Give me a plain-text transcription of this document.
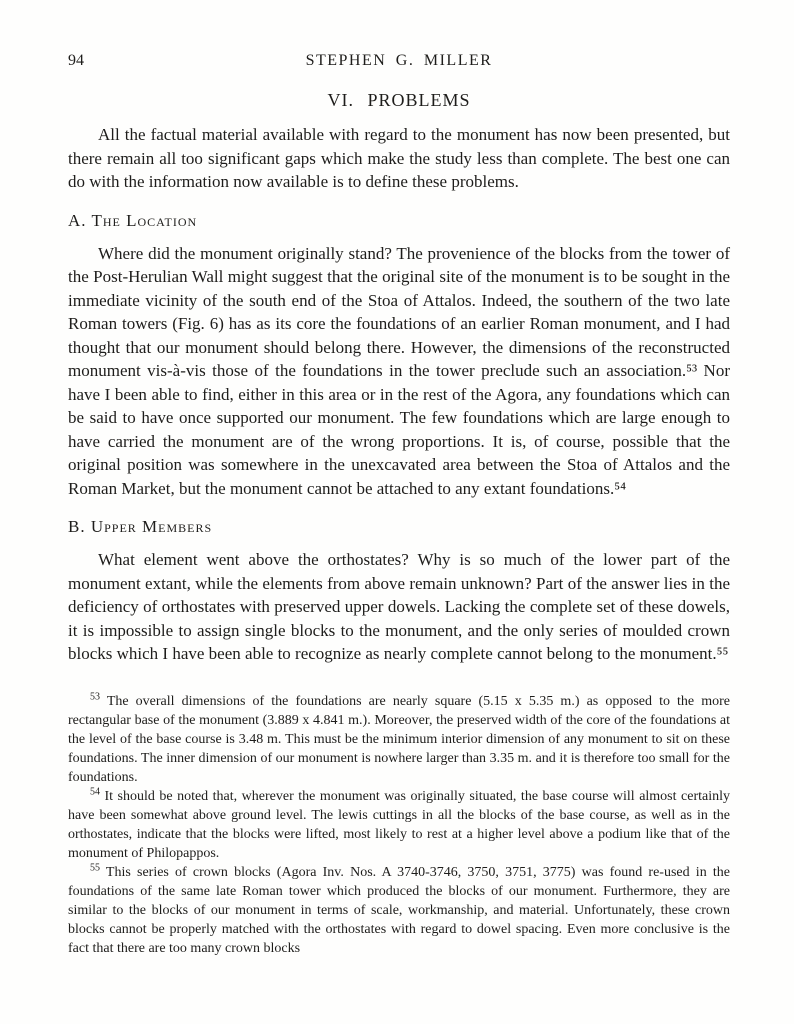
94	STEPHEN G. MILLER
VI. PROBLEMS

All the factual material available with regard to the monument has now been presented, but there remain all too significant gaps which make the study less than complete. The best one can do with the information now available is to define these problems.

A. The Location

Where did the monument originally stand? The provenience of the blocks from the tower of the Post-Herulian Wall might suggest that the original site of the monument is to be sought in the immediate vicinity of the south end of the Stoa of Attalos. Indeed, the southern of the two late Roman towers (Fig. 6) has as its core the foundations of an earlier Roman monument, and I had thought that our monument should belong there. However, the dimensions of the reconstructed monument vis-à-vis those of the foundations in the tower preclude such an association.⁵³ Nor have I been able to find, either in this area or in the rest of the Agora, any foundations which can be said to have once supported our monument. The few foundations which are large enough to have carried the monument are of the wrong proportions. It is, of course, possible that the original position was somewhere in the unexcavated area between the Stoa of Attalos and the Roman Market, but the monument cannot be attached to any extant foundations.⁵⁴

B. Upper Members

What element went above the orthostates? Why is so much of the lower part of the monument extant, while the elements from above remain unknown? Part of the answer lies in the deficiency of orthostates with preserved upper dowels. Lacking the complete set of these dowels, it is impossible to assign single blocks to the monument, and the only series of moulded crown blocks which I have been able to recognize as nearly complete cannot belong to the monument.⁵⁵

$^{53}$ The overall dimensions of the foundations are nearly square (5.15 x 5.35 m.) as opposed to the more rectangular base of the monument (3.889 x 4.841 m.). Moreover, the preserved width of the core of the foundations at the level of the base course is 3.48 m. This must be the minimum interior dimension of any monument to sit on these foundations. The inner dimension of our monument is nowhere larger than 3.35 m. and it is therefore too small for the foundations.

$^{54}$ It should be noted that, wherever the monument was originally situated, the base course will almost certainly have been somewhat above ground level. The lewis cuttings in all the blocks of the base course, as well as in the orthostates, indicate that the blocks were lifted, most likely to rest at a higher level above a podium like that of the monument of Philopappos.

$^{55}$ This series of crown blocks (Agora Inv. Nos. A 3740-3746, 3750, 3751, 3775) was found re-used in the foundations of the same late Roman tower which produced the blocks of our monument. Furthermore, they are similar to the blocks of our monument in terms of scale, workmanship, and material. Unfortunately, these crown blocks cannot be properly matched with the orthostates with regard to dowel spacing. Even more conclusive is the fact that there are too many crown blocks
